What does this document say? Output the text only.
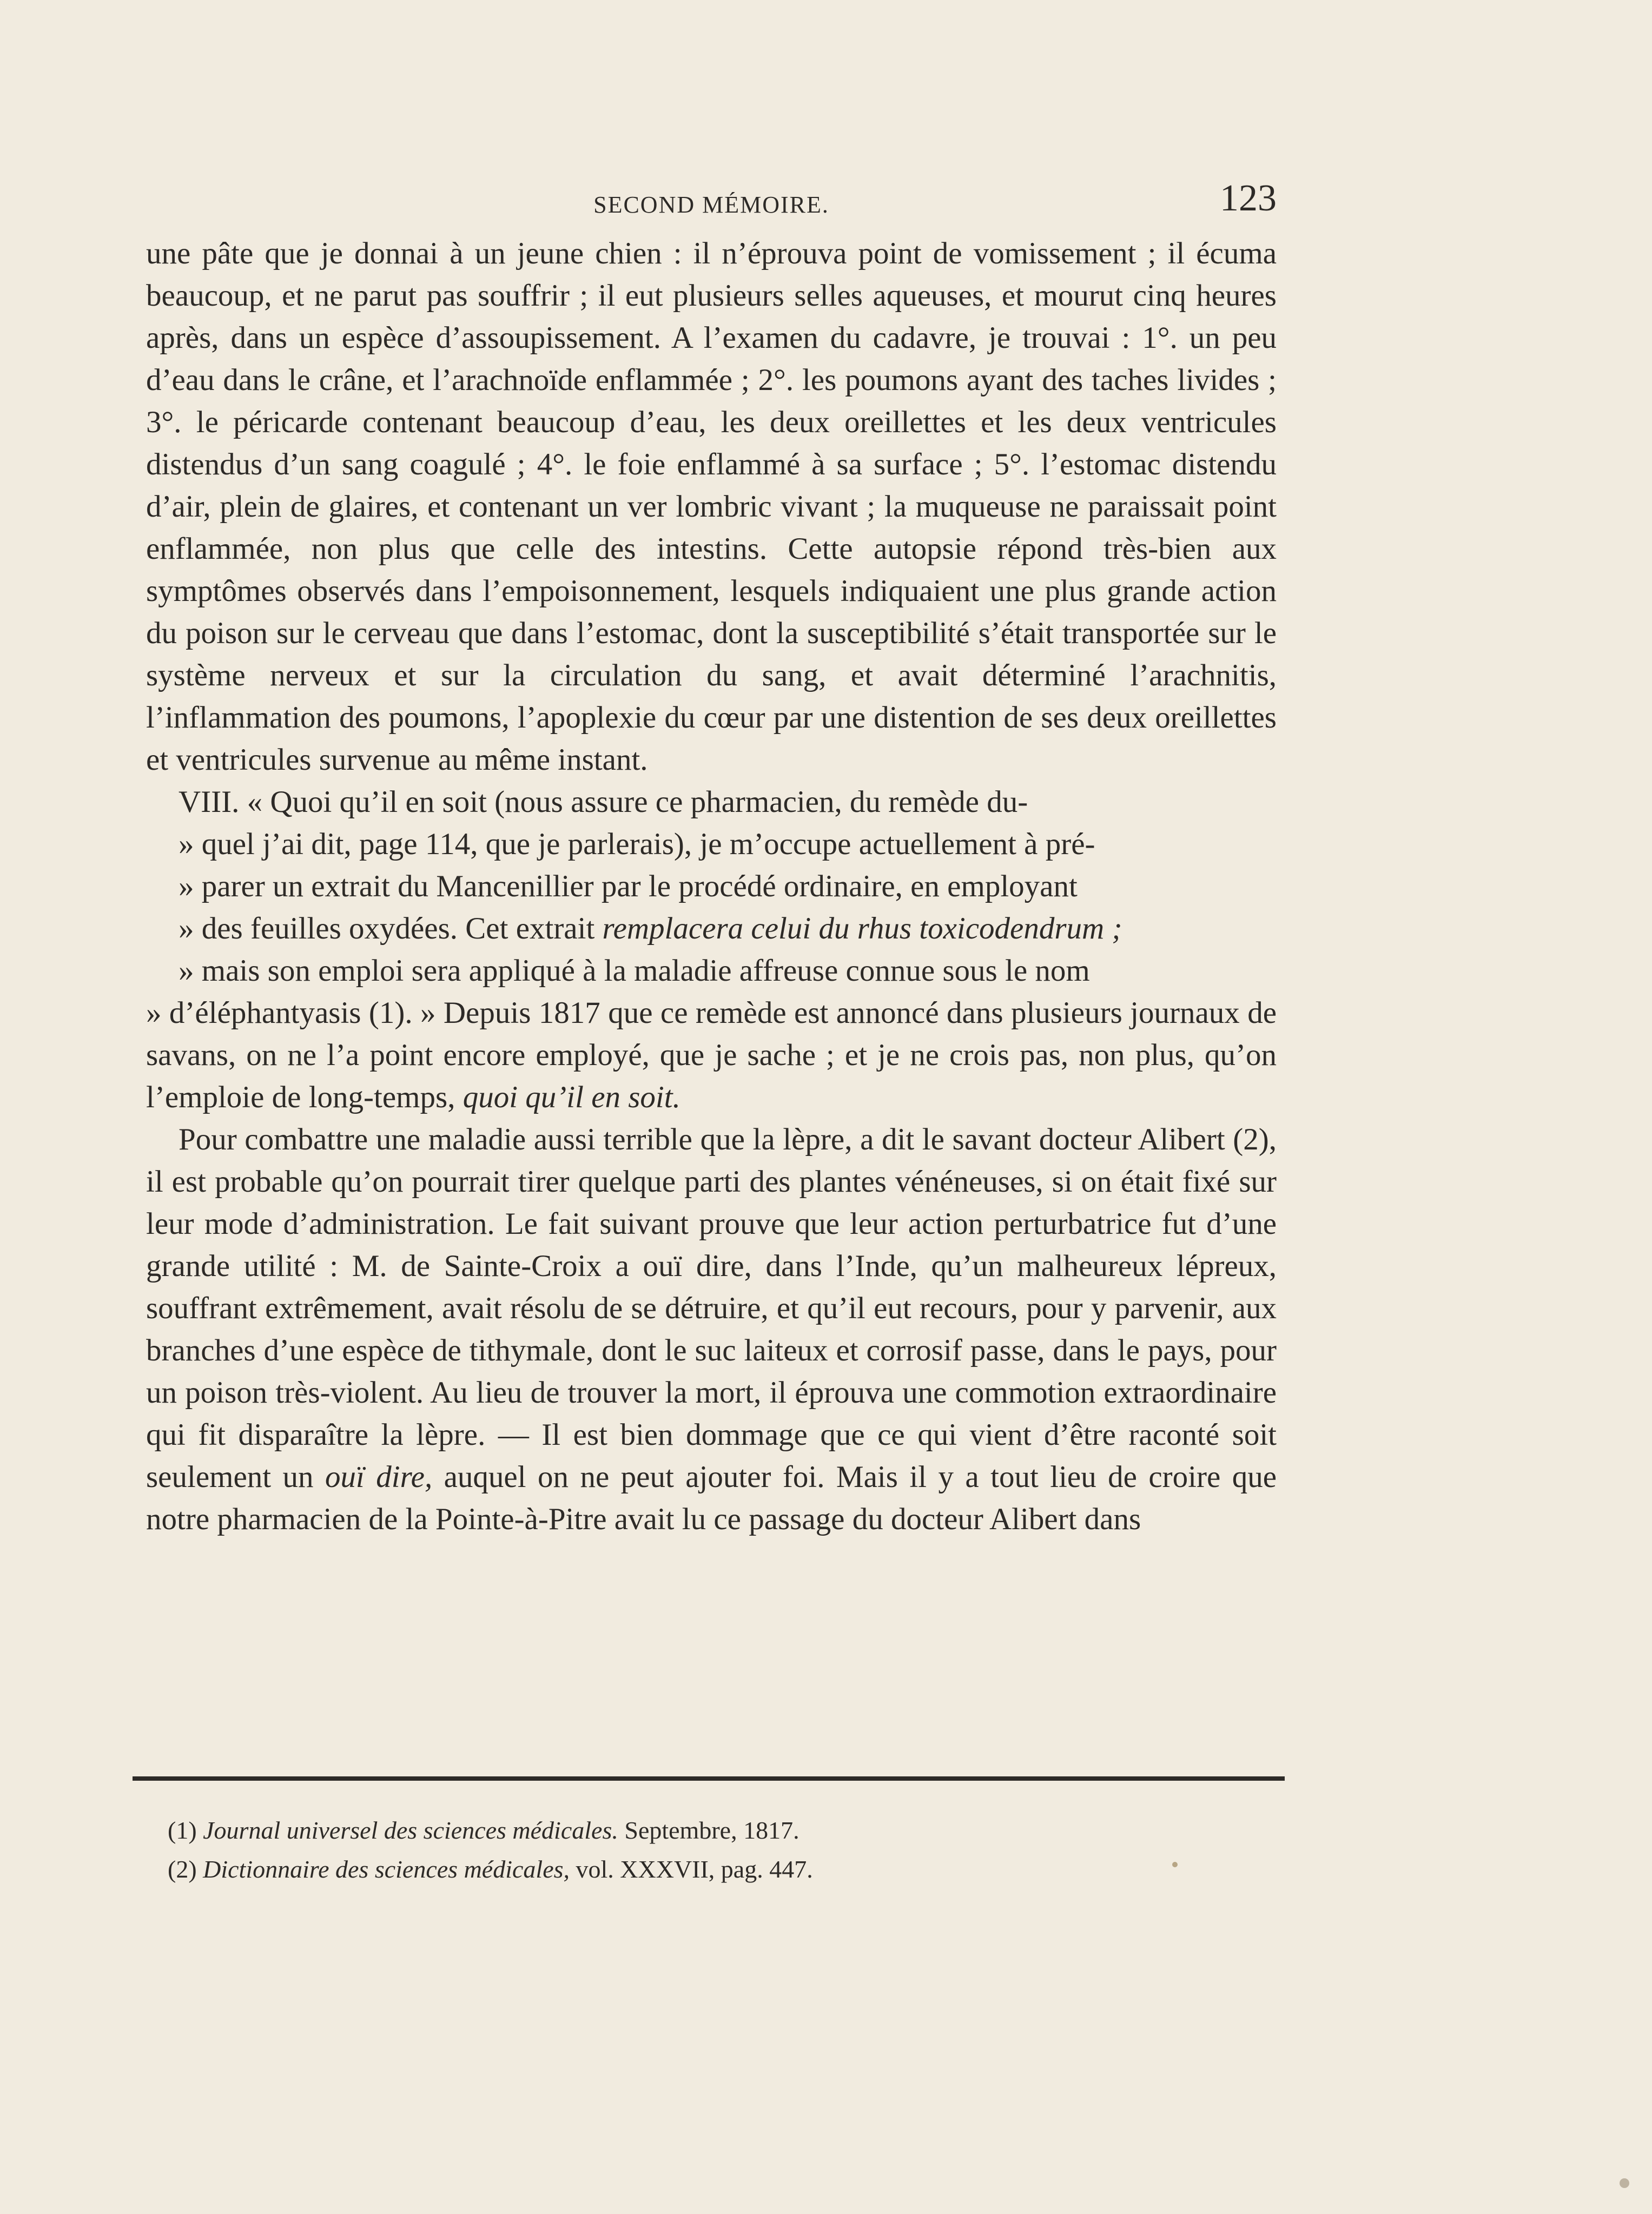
SECOND MÉMOIRE.	123

une pâte que je donnai à un jeune chien : il n’éprouva point de vomissement ; il écuma beaucoup, et ne parut pas souffrir ; il eut plusieurs selles aqueuses, et mourut cinq heures après, dans un espèce d’assoupissement. A l’examen du cadavre, je trouvai : 1°. un peu d’eau dans le crâne, et l’arachnoïde enflammée ; 2°. les poumons ayant des taches livides ; 3°. le péricarde contenant beaucoup d’eau, les deux oreillettes et les deux ventricules distendus d’un sang coagulé ; 4°. le foie enflammé à sa surface ; 5°. l’estomac distendu d’air, plein de glaires, et contenant un ver lombric vivant ; la muqueuse ne paraissait point enflammée, non plus que celle des intestins. Cette autopsie répond très-bien aux symptômes observés dans l’empoisonnement, lesquels indiquaient une plus grande action du poison sur le cerveau que dans l’estomac, dont la susceptibilité s’était transportée sur le système nerveux et sur la circulation du sang, et avait déterminé l’arachnitis, l’inflammation des poumons, l’apoplexie du cœur par une distention de ses deux oreillettes et ventricules survenue au même instant.

VIII. « Quoi qu’il en soit (nous assure ce pharmacien, du remède du-
» quel j’ai dit, page 114, que je parlerais), je m’occupe actuellement à pré-
» parer un extrait du Mancenillier par le procédé ordinaire, en employant
» des feuilles oxydées. Cet extrait remplacera celui du rhus toxicodendrum ;
» mais son emploi sera appliqué à la maladie affreuse connue sous le nom
» d’éléphantyasis (1). » Depuis 1817 que ce remède est annoncé dans plusieurs journaux de savans, on ne l’a point encore employé, que je sache ; et je ne crois pas, non plus, qu’on l’emploie de long-temps, quoi qu’il en soit.

Pour combattre une maladie aussi terrible que la lèpre, a dit le savant docteur Alibert (2), il est probable qu’on pourrait tirer quelque parti des plantes vénéneuses, si on était fixé sur leur mode d’administration. Le fait suivant prouve que leur action perturbatrice fut d’une grande utilité : M. de Sainte-Croix a ouï dire, dans l’Inde, qu’un malheureux lépreux, souffrant extrêmement, avait résolu de se détruire, et qu’il eut recours, pour y parvenir, aux branches d’une espèce de tithymale, dont le suc laiteux et corrosif passe, dans le pays, pour un poison très-violent. Au lieu de trouver la mort, il éprouva une commotion extraordinaire qui fit disparaître la lèpre. — Il est bien dommage que ce qui vient d’être raconté soit seulement un ouï dire, auquel on ne peut ajouter foi. Mais il y a tout lieu de croire que notre pharmacien de la Pointe-à-Pitre avait lu ce passage du docteur Alibert dans

(1) Journal universel des sciences médicales. Septembre, 1817.

(2) Dictionnaire des sciences médicales, vol. XXXVII, pag. 447.
